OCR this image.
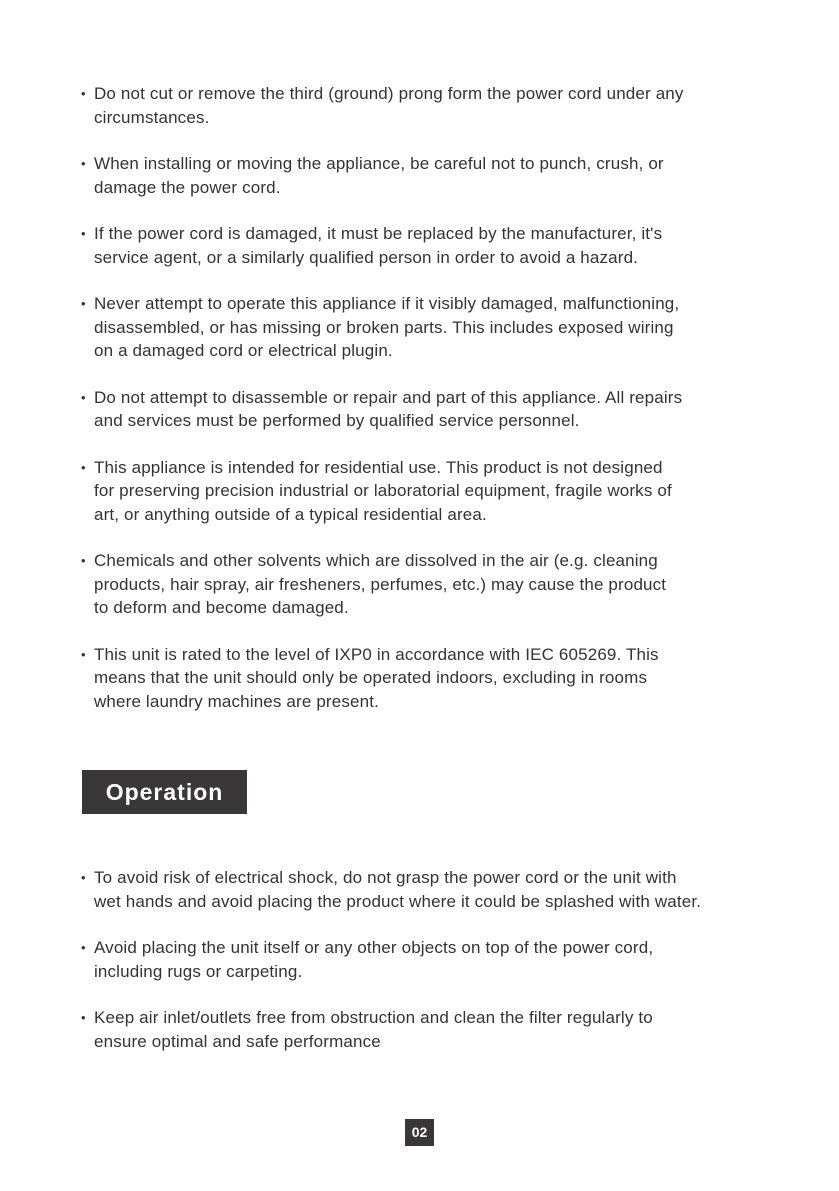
• Do not cut or remove the third (ground) prong form the power cord under any
circumstances.
• When installing or moving the appliance, be careful not to punch, crush, or
damage the power cord.
• If the power cord is damaged, it must be replaced by the manufacturer, it's
service agent, or a similarly qualified person in order to avoid a hazard.
• Never attempt to operate this appliance if it visibly damaged, malfunctioning,
disassembled, or has missing or broken parts. This includes exposed wiring
on a damaged cord or electrical plugin.
• Do not attempt to disassemble or repair and part of this appliance. All repairs
and services must be performed by qualified service personnel.
• This appliance is intended for residential use. This product is not designed
for preserving precision industrial or laboratorial equipment, fragile works of
art, or anything outside of a typical residential area.
• Chemicals and other solvents which are dissolved in the air (e.g. cleaning
products, hair spray, air fresheners, perfumes, etc.) may cause the product
to deform and become damaged.
• This unit is rated to the level of IXP0 in accordance with IEC 605269. This
means that the unit should only be operated indoors, excluding in rooms
where laundry machines are present.
Operation
• To avoid risk of electrical shock, do not grasp the power cord or the unit with
wet hands and avoid placing the product where it could be splashed with water.
• Avoid placing the unit itself or any other objects on top of the power cord,
including rugs or carpeting.
• Keep air inlet/outlets free from obstruction and clean the filter regularly to
ensure optimal and safe performance
02
